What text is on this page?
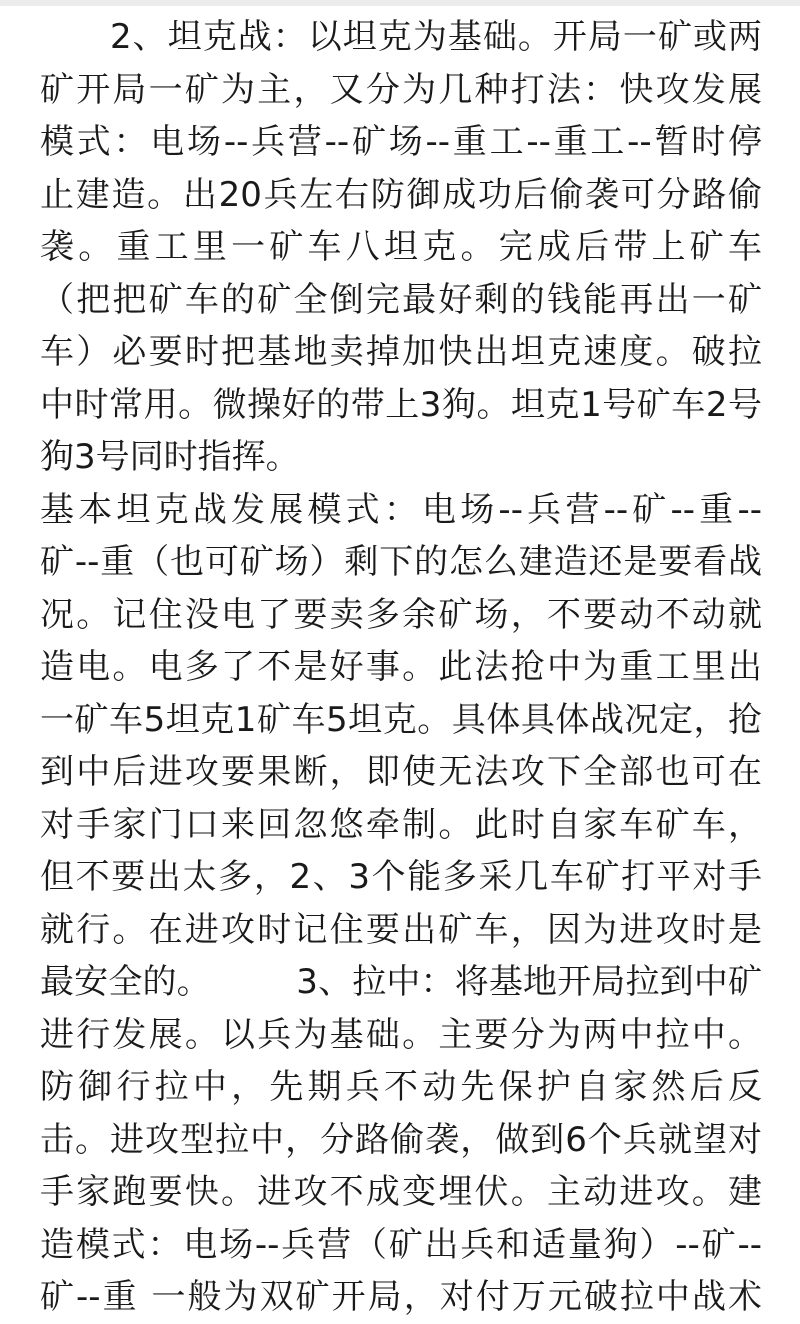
　　2、坦克战：以坦克为基础。开局一矿或两
矿开局一矿为主，又分为几种打法：快攻发展
模式：电场--兵营--矿场--重工--重工--暂时停
止建造。出20兵左右防御成功后偷袭可分路偷
袭。重工里一矿车八坦克。完成后带上矿车
（把把矿车的矿全倒完最好剩的钱能再出一矿
车）必要时把基地卖掉加快出坦克速度。破拉
中时常用。微操好的带上3狗。坦克1号矿车2号
狗3号同时指挥。
基本坦克战发展模式：电场--兵营--矿--重--
矿--重（也可矿场）剩下的怎么建造还是要看战
况。记住没电了要卖多余矿场，不要动不动就
造电。电多了不是好事。此法抢中为重工里出
一矿车5坦克1矿车5坦克。具体具体战况定，抢
到中后进攻要果断，即使无法攻下全部也可在
对手家门口来回忽悠牵制。此时自家车矿车，
但不要出太多，2、3个能多采几车矿打平对手
就行。在进攻时记住要出矿车，因为进攻时是
最安全的。　　　3、拉中：将基地开局拉到中矿
进行发展。以兵为基础。主要分为两中拉中。
防御行拉中，先期兵不动先保护自家然后反
击。进攻型拉中，分路偷袭，做到6个兵就望对
手家跑要快。进攻不成变埋伏。主动进攻。建
造模式：电场--兵营（矿出兵和适量狗）--矿--
矿--重 一般为双矿开局，对付万元破拉中战术
